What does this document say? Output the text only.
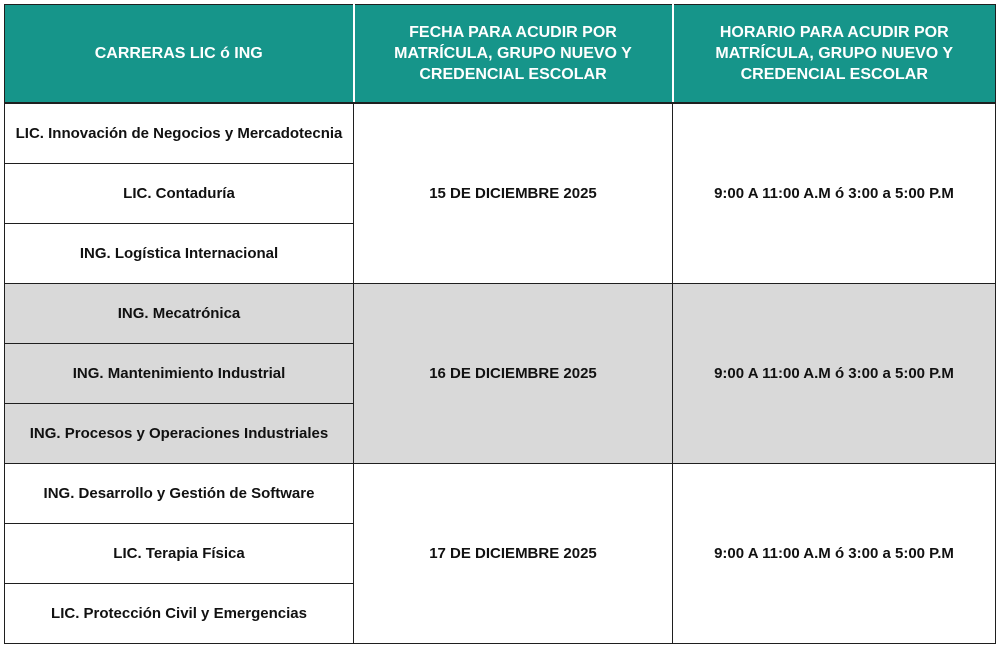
CARRERAS LIC ó ING	FECHA PARA ACUDIR POR MATRÍCULA, GRUPO NUEVO Y CREDENCIAL ESCOLAR	HORARIO PARA ACUDIR POR MATRÍCULA, GRUPO NUEVO Y CREDENCIAL ESCOLAR
LIC. Innovación de Negocios y Mercadotecnia	15 DE DICIEMBRE 2025	9:00 A 11:00 A.M ó 3:00 a 5:00 P.M
LIC. Contaduría		
ING. Logística Internacional		
ING. Mecatrónica	16 DE DICIEMBRE 2025	9:00 A 11:00 A.M ó 3:00 a 5:00 P.M
ING. Mantenimiento Industrial		
ING. Procesos y Operaciones Industriales		
ING. Desarrollo y Gestión de Software	17 DE DICIEMBRE 2025	9:00 A 11:00 A.M ó 3:00 a 5:00 P.M
LIC. Terapia Física		
LIC. Protección Civil y Emergencias		
